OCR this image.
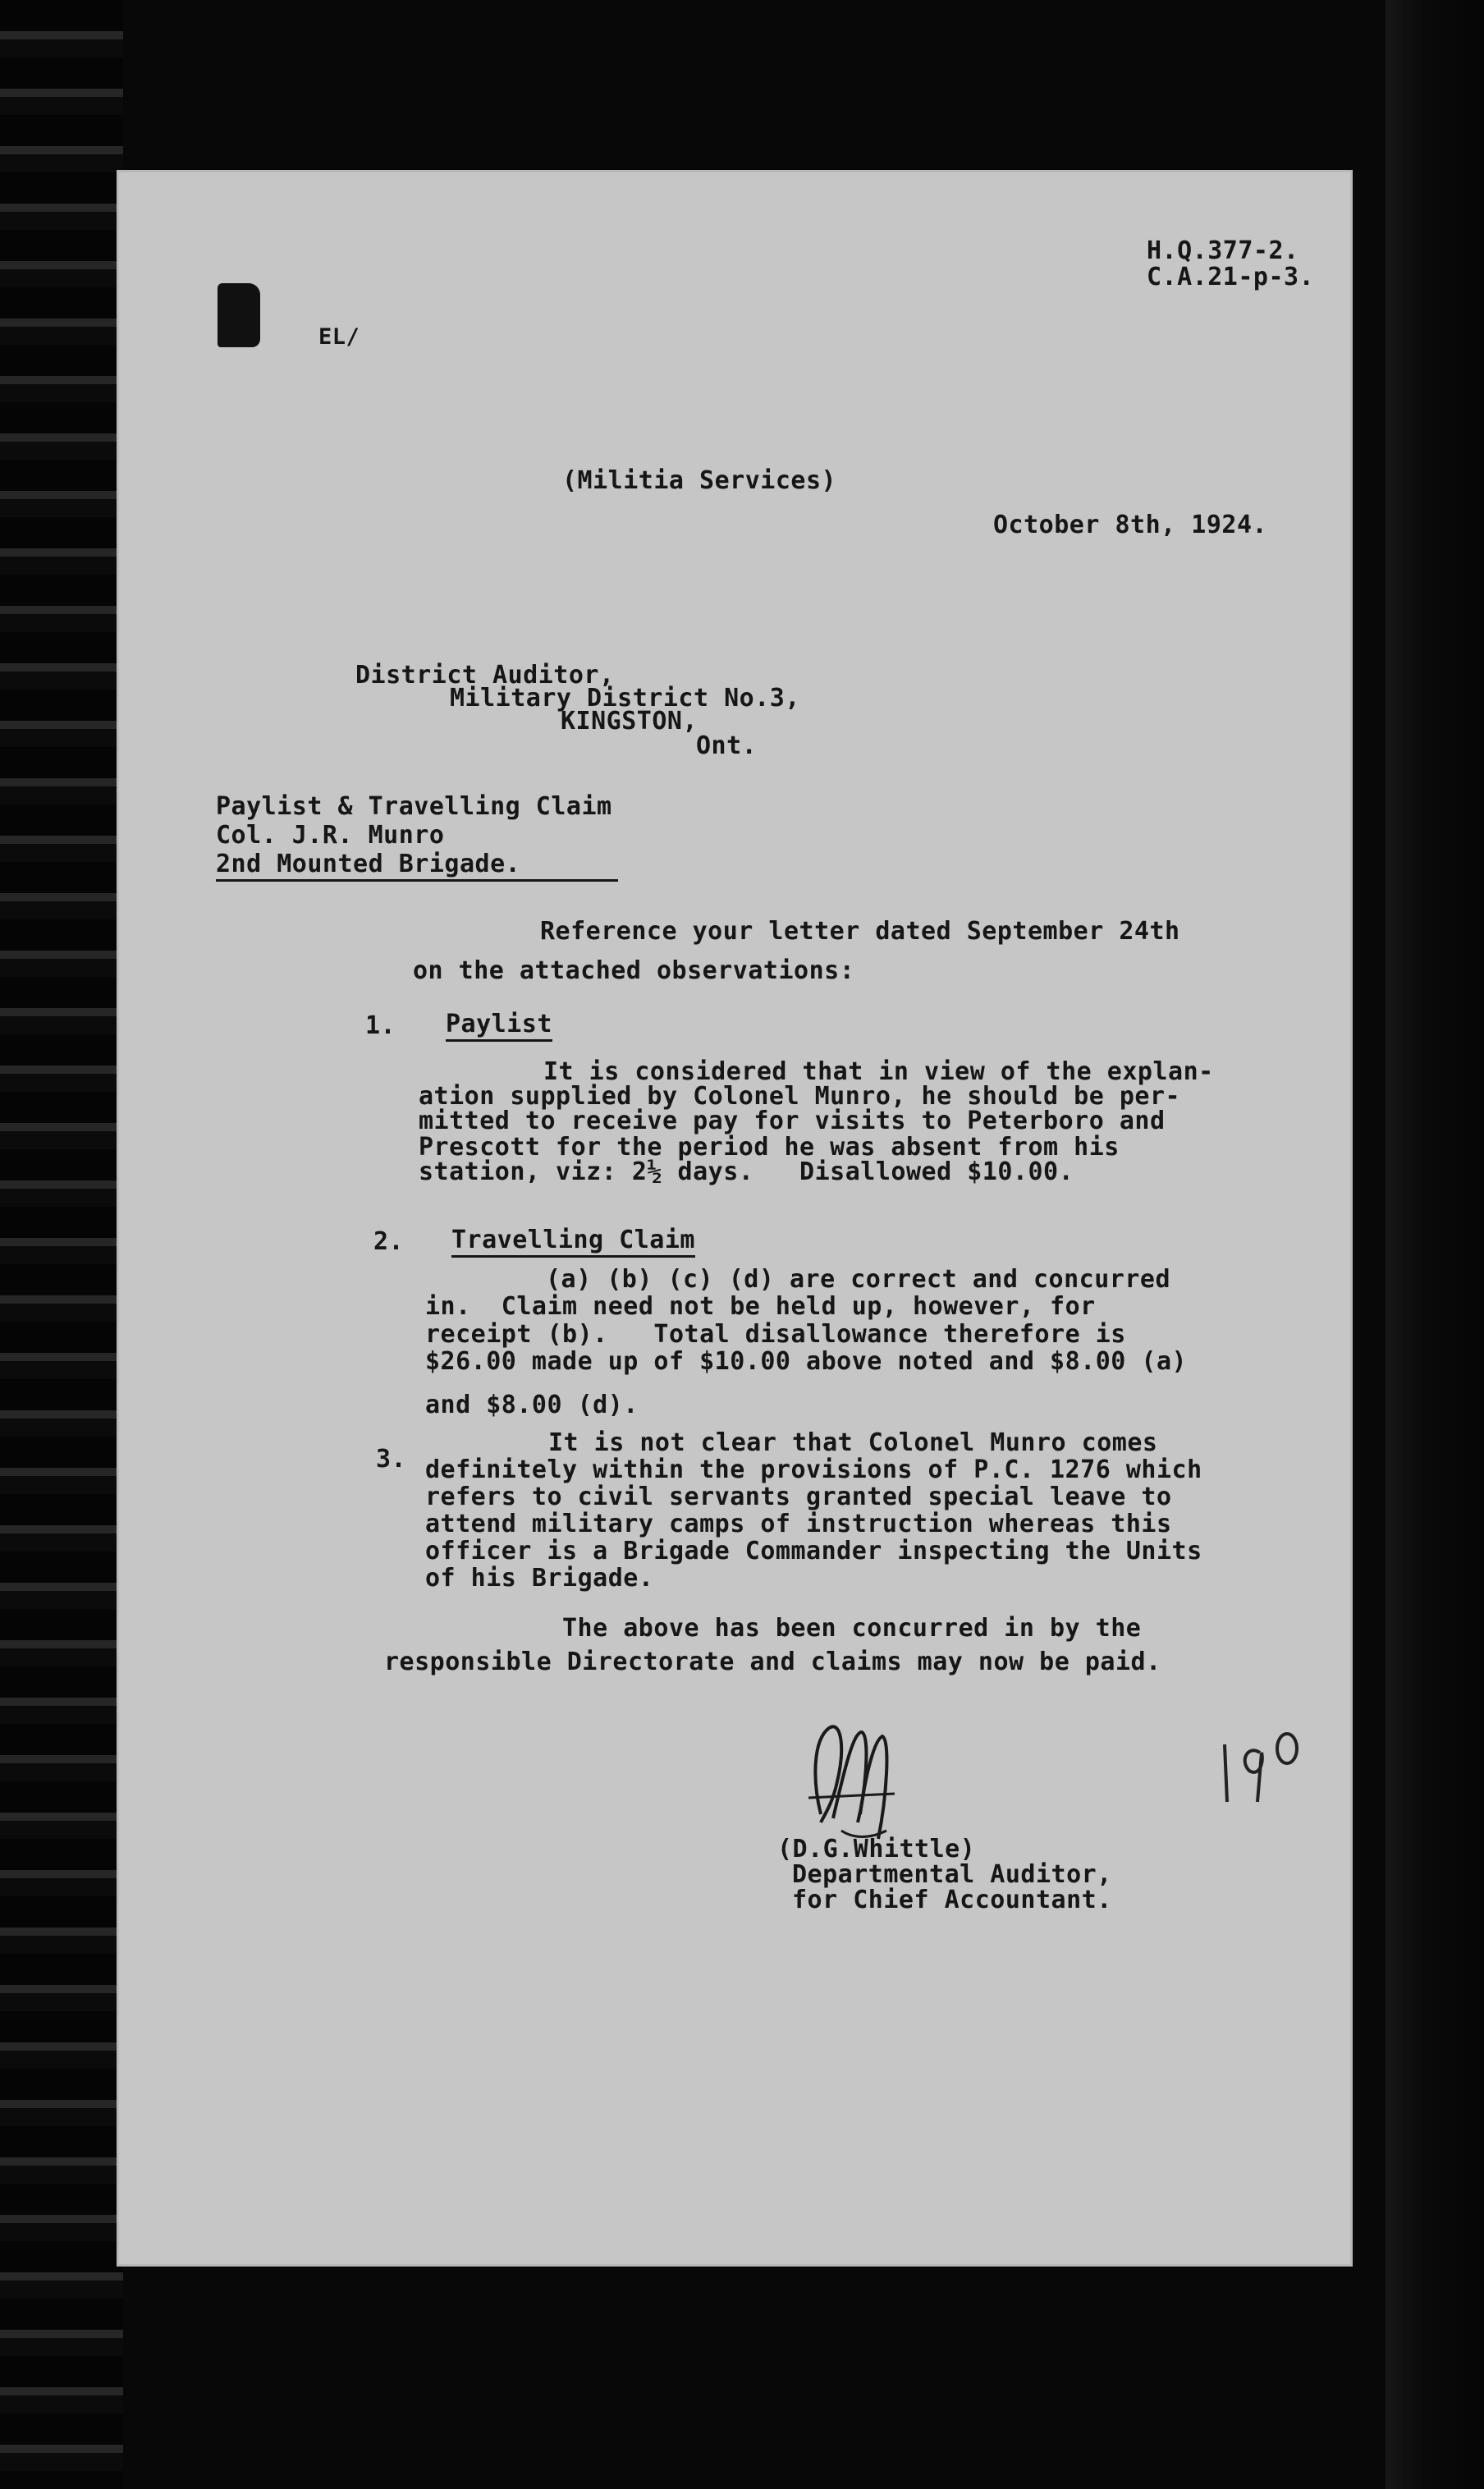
H.Q.377-2.
C.A.21-p-3.
EL/
(Militia Services)
October 8th, 1924.
District Auditor,
Military District No.3,
KINGSTON,
Ont.
Paylist & Travelling Claim
Col. J.R. Munro
2nd Mounted Brigade.
Reference your letter dated September 24th
on the attached observations:
1. Paylist
It is considered that in view of the explan-
ation supplied by Colonel Munro, he should be per-
mitted to receive pay for visits to Peterboro and
Prescott for the period he was absent from his
station, viz: 2½ days.   Disallowed $10.00.
2. Travelling Claim
(a) (b) (c) (d) are correct and concurred
in.  Claim need not be held up, however, for
receipt (b).   Total disallowance therefore is
$26.00 made up of $10.00 above noted and $8.00 (a)
and $8.00 (d).
3.
It is not clear that Colonel Munro comes
definitely within the provisions of P.C. 1276 which
refers to civil servants granted special leave to
attend military camps of instruction whereas this
officer is a Brigade Commander inspecting the Units
of his Brigade.
The above has been concurred in by the
responsible Directorate and claims may now be paid.
(D.G.Whittle)
Departmental Auditor,
for Chief Accountant.
